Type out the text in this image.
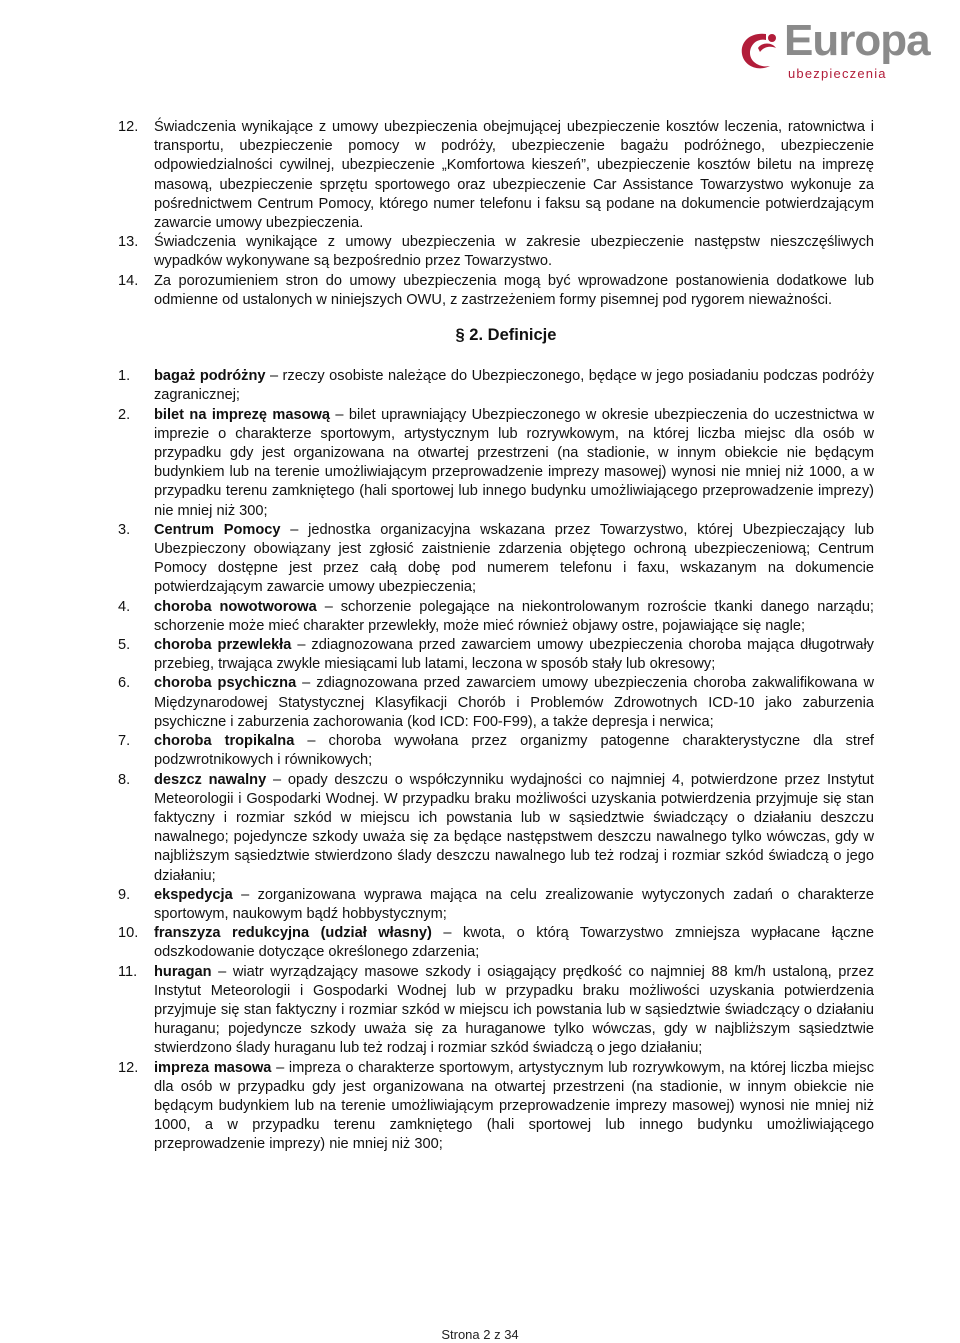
Europa
ubezpieczenia
12.	Świadczenia wynikające z umowy ubezpieczenia obejmującej ubezpieczenie kosztów leczenia, ratownictwa i transportu, ubezpieczenie pomocy w podróży, ubezpieczenie bagażu podróżnego, ubezpieczenie odpowiedzialności cywilnej, ubezpieczenie „Komfortowa kieszeń”, ubezpieczenie kosztów biletu na imprezę masową, ubezpieczenie sprzętu sportowego oraz ubezpieczenie Car Assistance Towarzystwo wykonuje za pośrednictwem Centrum Pomocy, którego numer telefonu i faksu są podane na dokumencie potwierdzającym zawarcie umowy ubezpieczenia.
13.	Świadczenia wynikające z umowy ubezpieczenia w zakresie ubezpieczenie następstw nieszczęśliwych wypadków wykonywane są bezpośrednio przez Towarzystwo.
14.	Za porozumieniem stron do umowy ubezpieczenia mogą być wprowadzone postanowienia dodatkowe lub odmienne od ustalonych w niniejszych OWU, z zastrzeżeniem formy pisemnej pod rygorem nieważności.
§ 2. Definicje
1.	bagaż podróżny – rzeczy osobiste należące do Ubezpieczonego, będące w jego posiadaniu podczas podróży zagranicznej;
2.	bilet na imprezę masową – bilet uprawniający Ubezpieczonego w okresie ubezpieczenia do uczestnictwa w imprezie o charakterze sportowym, artystycznym lub rozrywkowym, na której liczba miejsc dla osób w przypadku gdy jest organizowana na otwartej przestrzeni (na stadionie, w innym obiekcie nie będącym budynkiem lub na terenie umożliwiającym przeprowadzenie imprezy masowej) wynosi nie mniej niż 1000, a w przypadku terenu zamkniętego (hali sportowej lub innego budynku umożliwiającego przeprowadzenie imprezy) nie mniej niż 300;
3.	Centrum Pomocy – jednostka organizacyjna wskazana przez Towarzystwo, której Ubezpieczający lub Ubezpieczony obowiązany jest zgłosić zaistnienie zdarzenia objętego ochroną ubezpieczeniową; Centrum Pomocy dostępne jest przez całą dobę pod numerem telefonu i faxu, wskazanym na dokumencie potwierdzającym zawarcie umowy ubezpieczenia;
4.	choroba nowotworowa – schorzenie polegające na niekontrolowanym rozroście tkanki danego narządu; schorzenie może mieć charakter przewlekły, może mieć również objawy ostre, pojawiające się nagle;
5.	choroba przewlekła – zdiagnozowana przed zawarciem umowy ubezpieczenia choroba mająca długotrwały przebieg, trwająca zwykle miesiącami lub latami, leczona w sposób stały lub okresowy;
6.	choroba psychiczna – zdiagnozowana przed zawarciem umowy ubezpieczenia choroba zakwalifikowana w Międzynarodowej Statystycznej Klasyfikacji Chorób i Problemów Zdrowotnych ICD-10 jako zaburzenia psychiczne i zaburzenia zachorowania (kod ICD: F00-F99), a także depresja i nerwica;
7.	choroba tropikalna – choroba wywołana przez organizmy patogenne charakterystyczne dla stref podzwrotnikowych i równikowych;
8.	deszcz nawalny – opady deszczu o współczynniku wydajności co najmniej 4, potwierdzone przez Instytut Meteorologii i Gospodarki Wodnej. W przypadku braku możliwości uzyskania potwierdzenia przyjmuje się stan faktyczny i rozmiar szkód w miejscu ich powstania lub w sąsiedztwie świadczący o działaniu deszczu nawalnego; pojedyncze szkody uważa się za będące następstwem deszczu nawalnego tylko wówczas, gdy w najbliższym sąsiedztwie stwierdzono ślady deszczu nawalnego lub też rodzaj i rozmiar szkód świadczą o jego działaniu;
9.	ekspedycja – zorganizowana wyprawa mająca na celu zrealizowanie wytyczonych zadań o charakterze sportowym, naukowym bądź hobbystycznym;
10.	franszyza redukcyjna (udział własny) – kwota, o którą Towarzystwo zmniejsza wypłacane łączne odszkodowanie dotyczące określonego zdarzenia;
11.	huragan – wiatr wyrządzający masowe szkody i osiągający prędkość co najmniej 88 km/h ustaloną, przez Instytut Meteorologii i Gospodarki Wodnej lub w przypadku braku możliwości uzyskania potwierdzenia przyjmuje się stan faktyczny i rozmiar szkód w miejscu ich powstania lub w sąsiedztwie świadczący o działaniu huraganu; pojedyncze szkody uważa się za huraganowe tylko wówczas, gdy w najbliższym sąsiedztwie stwierdzono ślady huraganu lub też rodzaj i rozmiar szkód świadczą o jego działaniu;
12.	impreza masowa – impreza o charakterze sportowym, artystycznym lub rozrywkowym, na której liczba miejsc dla osób w przypadku gdy jest organizowana na otwartej przestrzeni (na stadionie, w innym obiekcie nie będącym budynkiem lub na terenie umożliwiającym przeprowadzenie imprezy masowej) wynosi nie mniej niż 1000, a w przypadku terenu zamkniętego (hali sportowej lub innego budynku umożliwiającego przeprowadzenie imprezy) nie mniej niż 300;
Strona 2 z 34
